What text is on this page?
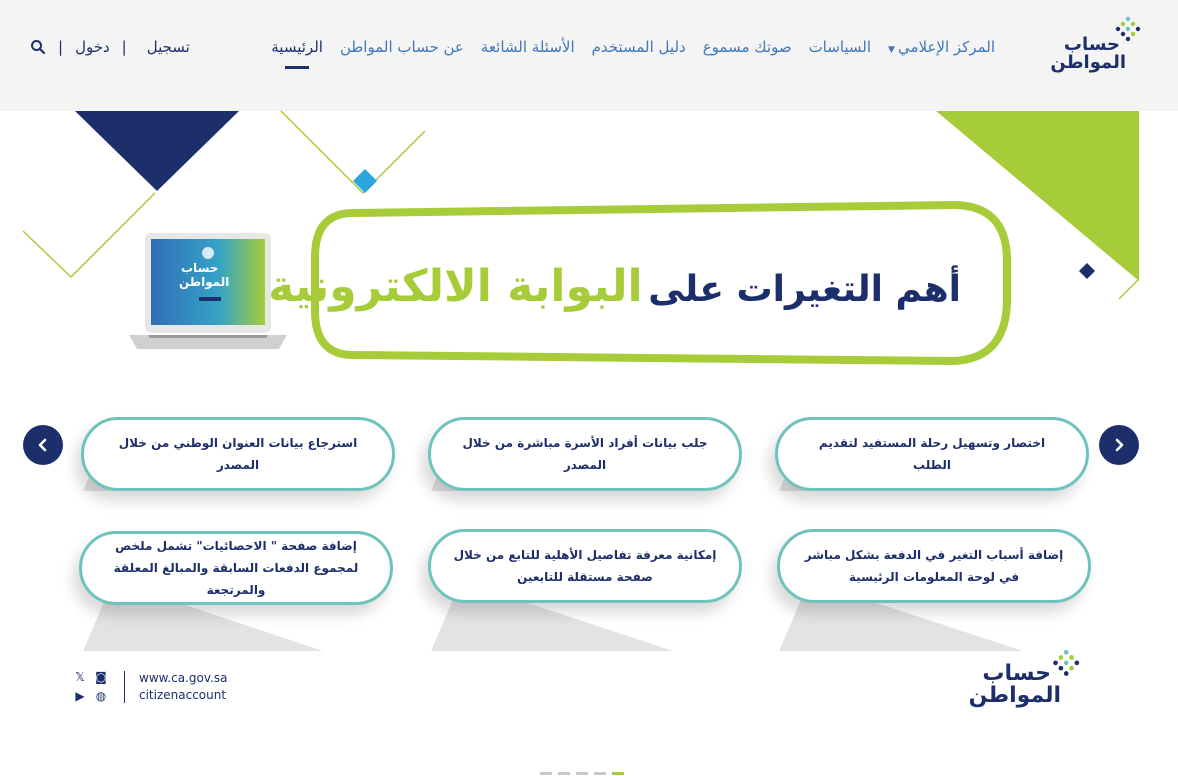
حساب
المواطن
الرئيسية عن حساب المواطن الأسئلة الشائعة دليل المستخدم صوتك مسموع السياسات	المركز الإعلامي▼
| دخول | تسجيل
حساب
المواطن	أهم التغيرات على البوابة الالكترونية
اختصار وتسهيل رحلة المستفيد لتقديم الطلب
جلب بيانات أفراد الأسرة مباشرة من خلال المصدر
استرجاع بيانات العنوان الوطني من خلال المصدر
إضافة أسباب التغير في الدفعة بشكل مباشر في لوحة المعلومات الرئيسية
إمكانية معرفة تفاصيل الأهلية للتابع من خلال صفحة مستقلة للتابعين
إضافة صفحة " الاحصائيات" تشمل ملخص لمجموع الدفعات السابقة والمبالغ المعلقة والمرتجعة
حساب
المواطن
𝕏 ◙
▶ ◍
www.ca.gov.sa
citizenaccount
